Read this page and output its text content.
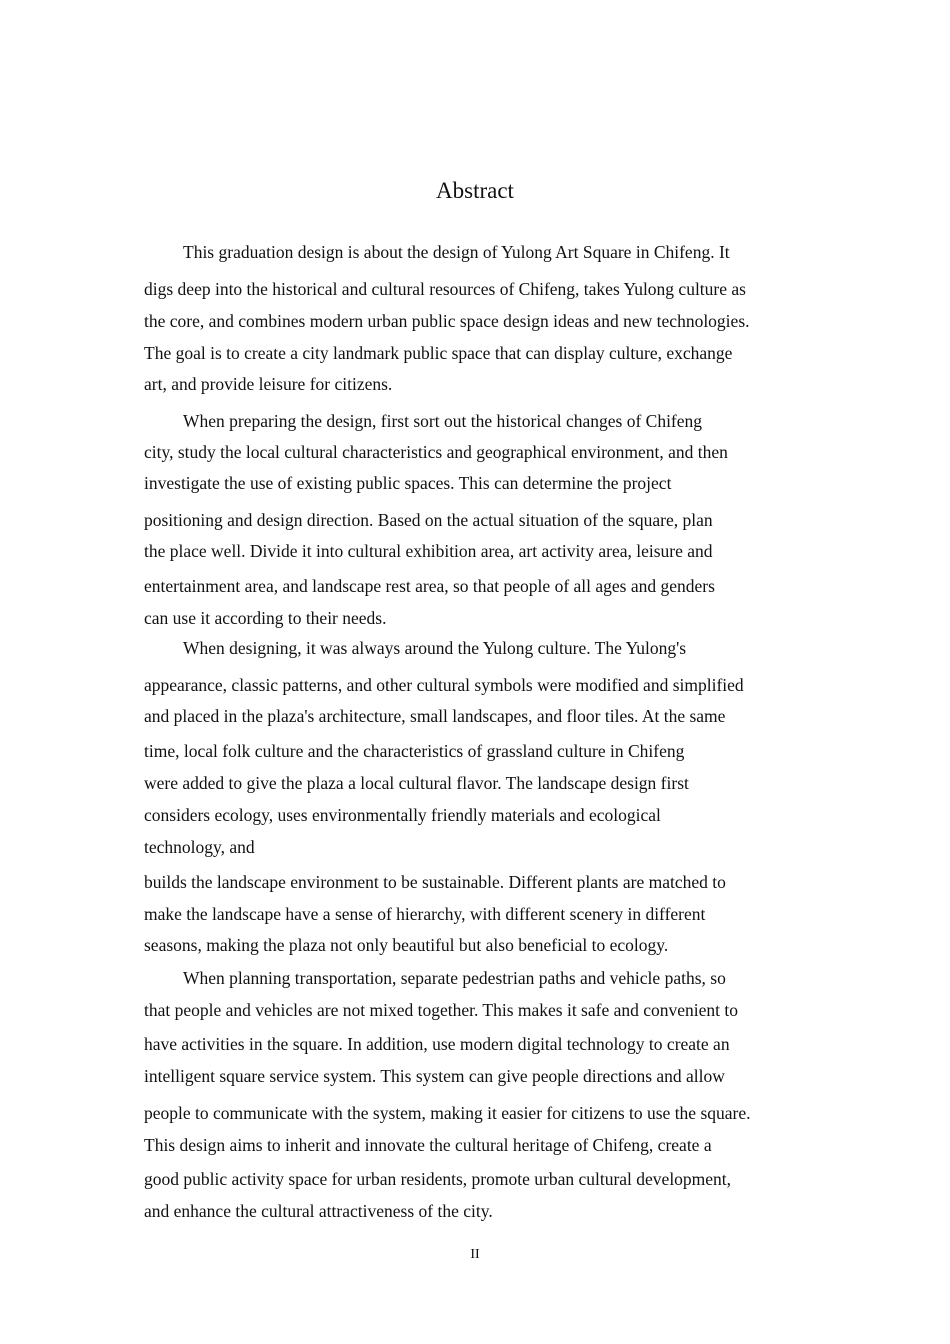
Abstract
This graduation design is about the design of Yulong Art Square in Chifeng. It
digs deep into the historical and cultural resources of Chifeng, takes Yulong culture as
the core, and combines modern urban public space design ideas and new technologies.
The goal is to create a city landmark public space that can display culture, exchange
art, and provide leisure for citizens.
When preparing the design, first sort out the historical changes of Chifeng
city, study the local cultural characteristics and geographical environment, and then
investigate the use of existing public spaces. This can determine the project
positioning and design direction. Based on the actual situation of the square, plan
the place well. Divide it into cultural exhibition area, art activity area, leisure and
entertainment area, and landscape rest area, so that people of all ages and genders
can use it according to their needs.
When designing, it was always around the Yulong culture. The Yulong's
appearance, classic patterns, and other cultural symbols were modified and simplified
and placed in the plaza's architecture, small landscapes, and floor tiles. At the same
time, local folk culture and the characteristics of grassland culture in Chifeng
were added to give the plaza a local cultural flavor. The landscape design first
considers ecology, uses environmentally friendly materials and ecological
technology, and
builds the landscape environment to be sustainable. Different plants are matched to
make the landscape have a sense of hierarchy, with different scenery in different
seasons, making the plaza not only beautiful but also beneficial to ecology.
When planning transportation, separate pedestrian paths and vehicle paths, so
that people and vehicles are not mixed together. This makes it safe and convenient to
have activities in the square. In addition, use modern digital technology to create an
intelligent square service system. This system can give people directions and allow
people to communicate with the system, making it easier for citizens to use the square.
This design aims to inherit and innovate the cultural heritage of Chifeng, create a
good public activity space for urban residents, promote urban cultural development,
and enhance the cultural attractiveness of the city.
II
